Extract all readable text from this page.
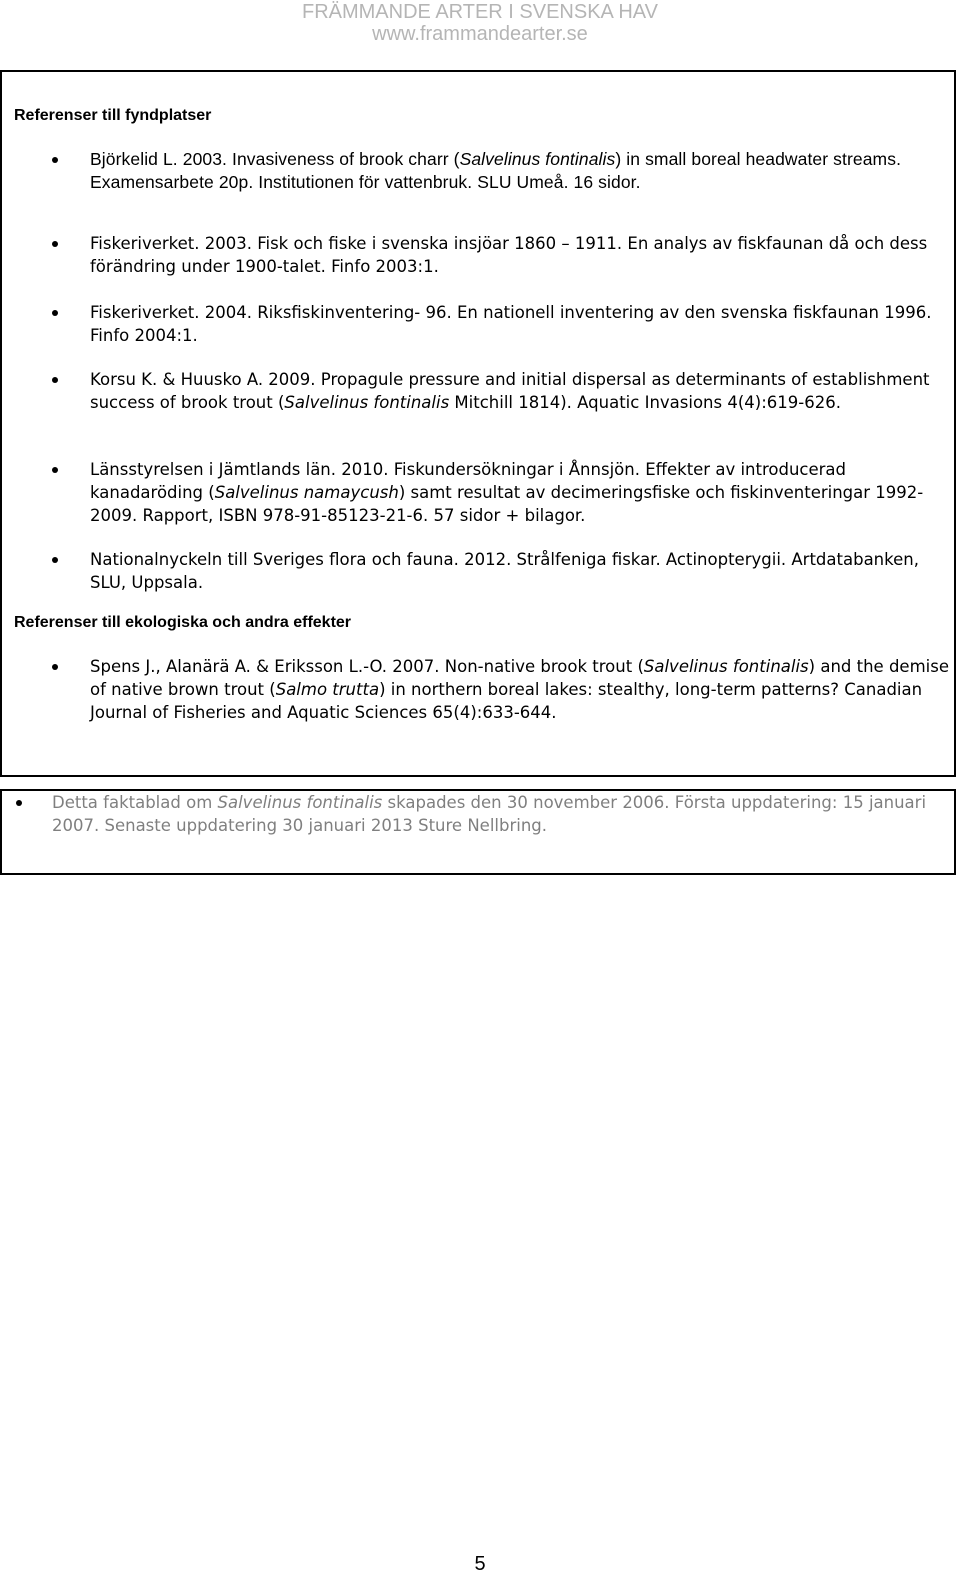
FRÄMMANDE ARTER I SVENSKA HAV
www.frammandearter.se
Referenser till fyndplatser
Björkelid L. 2003. Invasiveness of brook charr (Salvelinus fontinalis) in small boreal headwater streams. Examensarbete 20p. Institutionen för vattenbruk. SLU Umeå. 16 sidor.
Fiskeriverket. 2003. Fisk och fiske i svenska insjöar 1860 – 1911. En analys av fiskfaunan då och dess förändring under 1900-talet. Finfo 2003:1.
Fiskeriverket. 2004. Riksfiskinventering- 96. En nationell inventering av den svenska fiskfaunan 1996. Finfo 2004:1.
Korsu K. & Huusko A. 2009. Propagule pressure and initial dispersal as determinants of establishment success of brook trout (Salvelinus fontinalis Mitchill 1814). Aquatic Invasions 4(4):619-626.
Länsstyrelsen i Jämtlands län. 2010. Fiskundersökningar i Ånnsjön. Effekter av introducerad kanadaröding (Salvelinus namaycush) samt resultat av decimeringsfiske och fiskinventeringar 1992-2009. Rapport, ISBN 978-91-85123-21-6. 57 sidor + bilagor.
Nationalnyckeln till Sveriges flora och fauna. 2012. Strålfeniga fiskar. Actinopterygii. Artdatabanken, SLU, Uppsala.
Referenser till ekologiska och andra effekter
Spens J., Alanärä A. & Eriksson L.-O. 2007. Non-native brook trout (Salvelinus fontinalis) and the demise of native brown trout (Salmo trutta) in northern boreal lakes: stealthy, long-term patterns? Canadian Journal of Fisheries and Aquatic Sciences 65(4):633-644.
Detta faktablad om Salvelinus fontinalis skapades den 30 november 2006. Första uppdatering: 15 januari 2007. Senaste uppdatering 30 januari 2013 Sture Nellbring.
5
